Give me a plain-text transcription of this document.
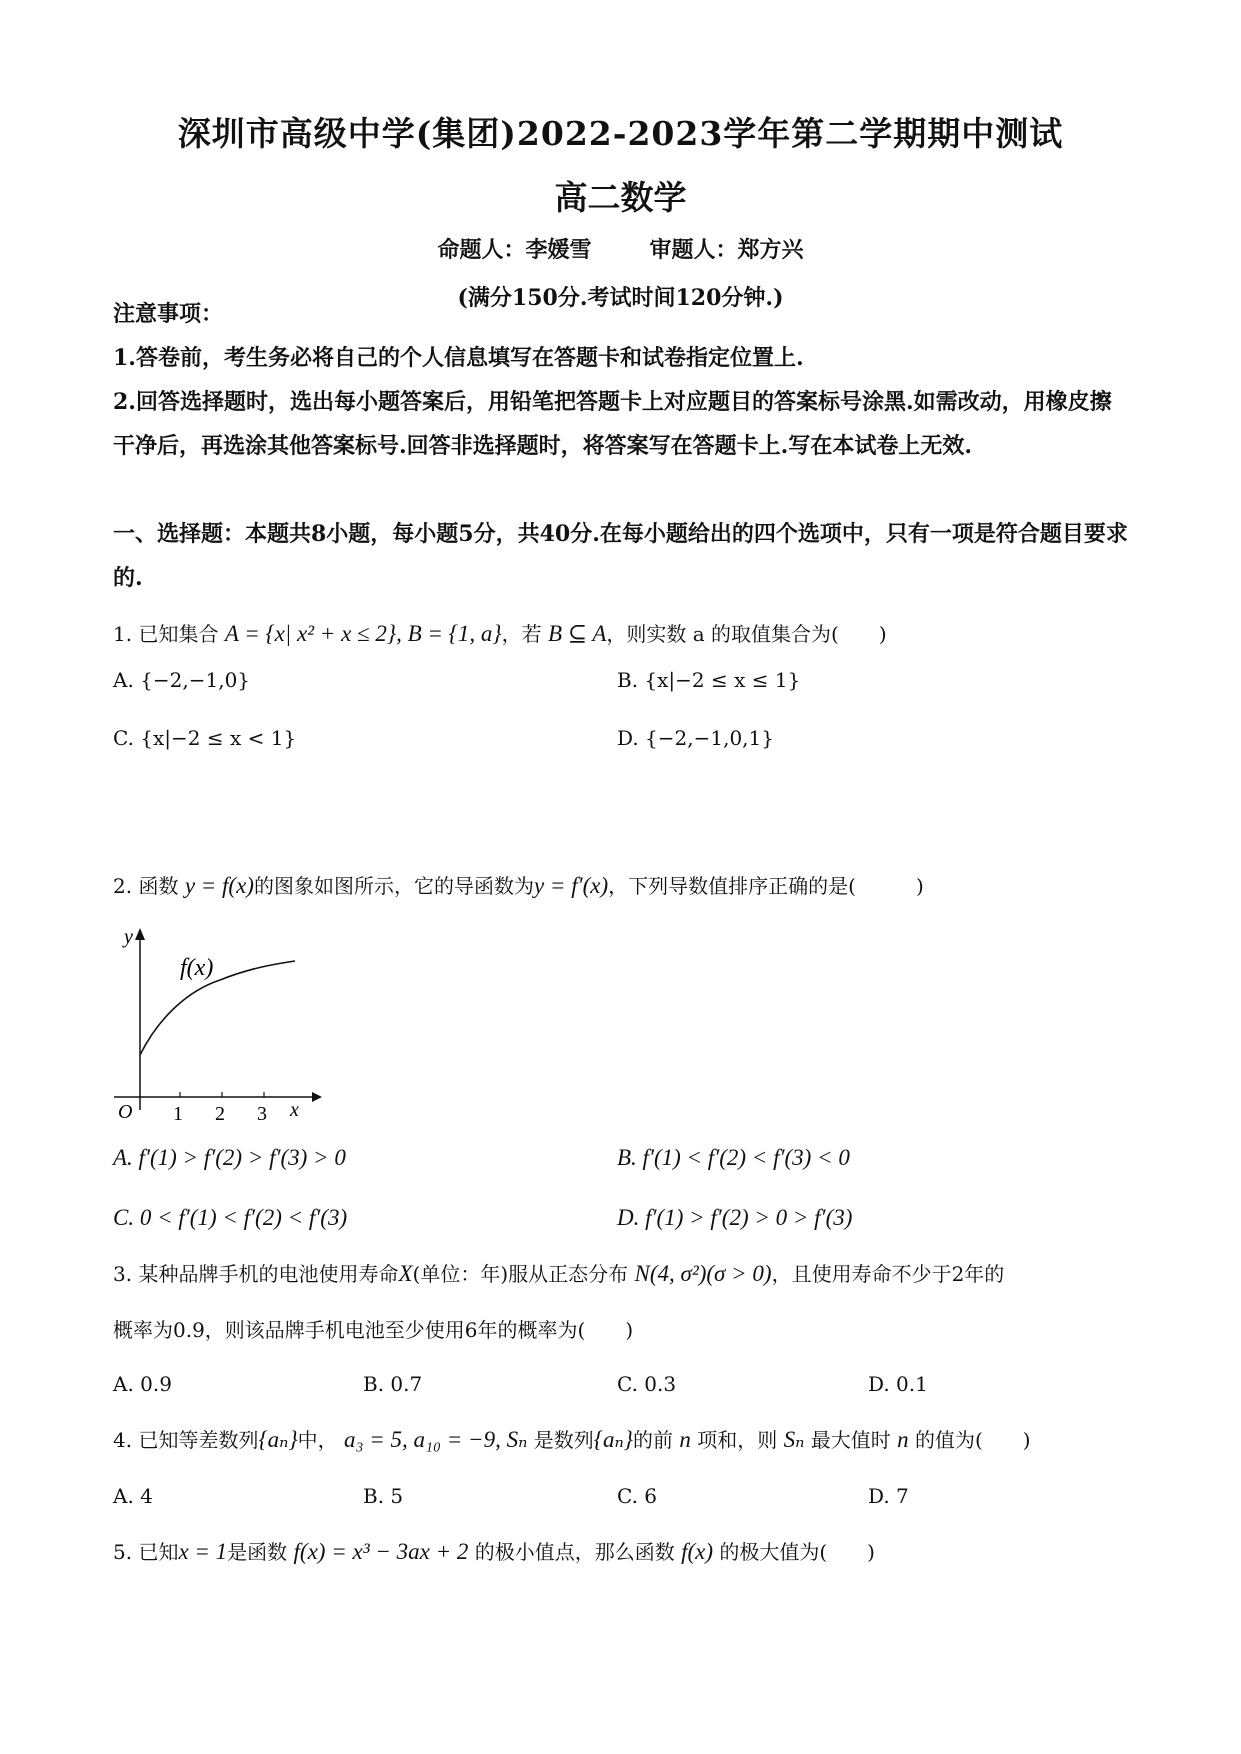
深圳市高级中学(集团)2022-2023学年第二学期期中测试
高二数学
命题人：李媛雪	审题人：郑方兴
(满分150分.考试时间120分钟.)
注意事项：
1.答卷前，考生务必将自己的个人信息填写在答题卡和试卷指定位置上.
2.回答选择题时，选出每小题答案后，用铅笔把答题卡上对应题目的答案标号涂黑.如需改动，用橡皮擦干净后，再选涂其他答案标号.回答非选择题时，将答案写在答题卡上.写在本试卷上无效.
一、选择题：本题共8小题，每小题5分，共40分.在每小题给出的四个选项中，只有一项是符合题目要求的.
1. 已知集合 A = {x| x² + x ≤ 2}, B = {1, a}，若 B ⊆ A，则实数 a 的取值集合为(　　)
A. {−2,−1,0}	B. {x|−2 ≤ x ≤ 1}
C. {x|−2 ≤ x < 1}	D. {−2,−1,0,1}
2. 函数 y = f(x)的图象如图所示，它的导函数为y = f′(x)，下列导数值排序正确的是(　　　)
y
x
O 1 2 3
f(x)
A. f′(1) > f′(2) > f′(3) > 0	B. f′(1) < f′(2) < f′(3) < 0
C. 0 < f′(1) < f′(2) < f′(3)	D. f′(1) > f′(2) > 0 > f′(3)
3. 某种品牌手机的电池使用寿命X(单位：年)服从正态分布 N(4, σ²)(σ > 0)，且使用寿命不少于2年的
概率为0.9，则该品牌手机电池至少使用6年的概率为(　　)
A. 0.9	B. 0.7	C. 0.3	D. 0.1
4. 已知等差数列{aₙ}中， a₃ = 5, a₁₀ = −9, Sₙ 是数列{aₙ}的前 n 项和，则 Sₙ 最大值时 n 的值为(　　)
A. 4	B. 5	C. 6	D. 7
5. 已知x = 1是函数 f(x) = x³ − 3ax + 2 的极小值点，那么函数 f(x) 的极大值为(　　)
